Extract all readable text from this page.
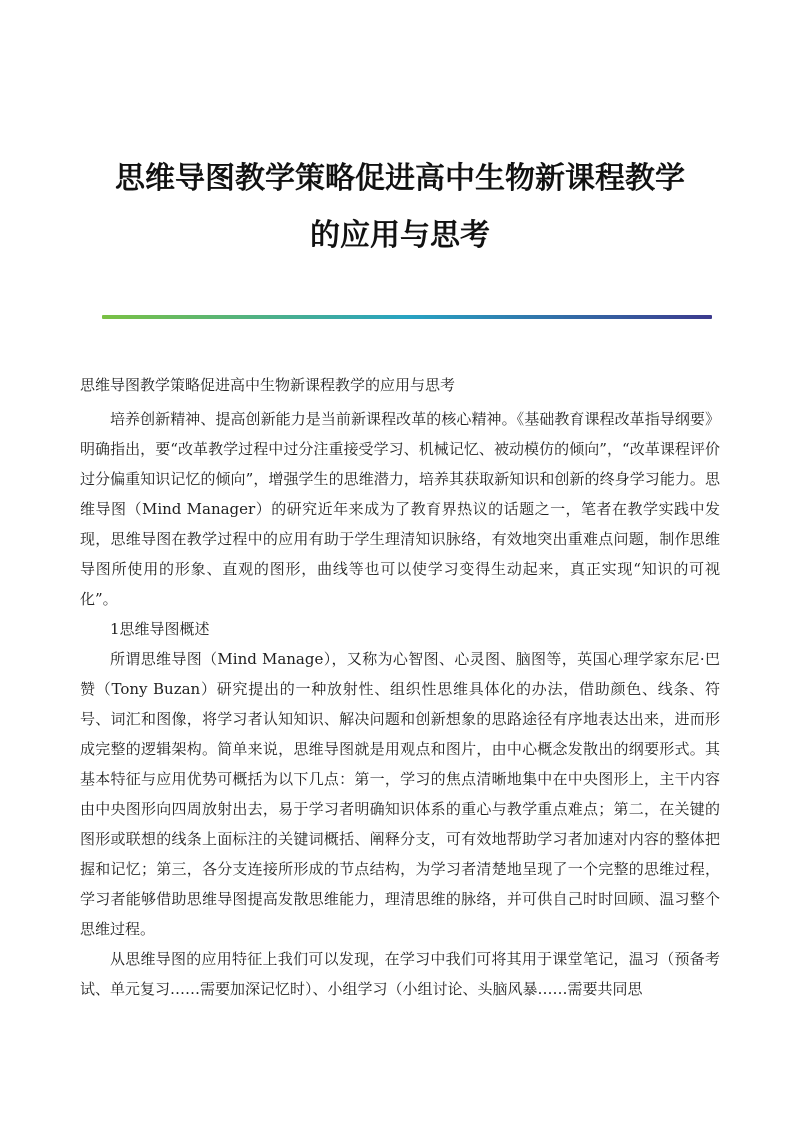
思维导图教学策略促进高中生物新课程教学
的应用与思考

思维导图教学策略促进高中生物新课程教学的应用与思考

培养创新精神、提高创新能力是当前新课程改革的核心精神。《基础教育课程改革指导纲要》明确指出，要“改革教学过程中过分注重接受学习、机械记忆、被动模仿的倾向”，“改革课程评价过分偏重知识记忆的倾向”，增强学生的思维潜力，培养其获取新知识和创新的终身学习能力。思维导图（Mind Manager）的研究近年来成为了教育界热议的话题之一，笔者在教学实践中发现，思维导图在教学过程中的应用有助于学生理清知识脉络，有效地突出重难点问题，制作思维导图所使用的形象、直观的图形，曲线等也可以使学习变得生动起来，真正实现“知识的可视化”。

1思维导图概述

所谓思维导图（Mind Manage），又称为心智图、心灵图、脑图等，英国心理学家东尼·巴赞（Tony Buzan）研究提出的一种放射性、组织性思维具体化的办法，借助颜色、线条、符号、词汇和图像，将学习者认知知识、解决问题和创新想象的思路途径有序地表达出来，进而形成完整的逻辑架构。简单来说，思维导图就是用观点和图片，由中心概念发散出的纲要形式。其基本特征与应用优势可概括为以下几点：第一，学习的焦点清晰地集中在中央图形上，主干内容由中央图形向四周放射出去，易于学习者明确知识体系的重心与教学重点难点；第二，在关键的图形或联想的线条上面标注的关键词概括、阐释分支，可有效地帮助学习者加速对内容的整体把握和记忆；第三，各分支连接所形成的节点结构，为学习者清楚地呈现了一个完整的思维过程，学习者能够借助思维导图提高发散思维能力，理清思维的脉络，并可供自己时时回顾、温习整个思维过程。

从思维导图的应用特征上我们可以发现，在学习中我们可将其用于课堂笔记，温习（预备考试、单元复习……需要加深记忆时）、小组学习（小组讨论、头脑风暴……需要共同思
